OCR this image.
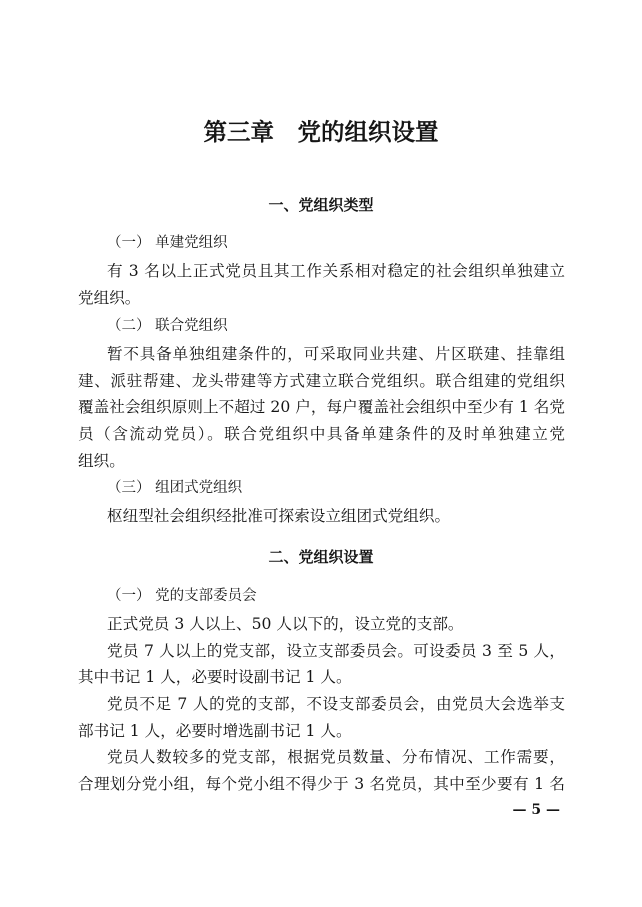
第三章　党的组织设置
一、党组织类型
（一） 单建党组织
有 3 名以上正式党员且其工作关系相对稳定的社会组织单独建立
党组织。
（二） 联合党组织
暂不具备单独组建条件的，可采取同业共建、片区联建、挂靠组
建、派驻帮建、龙头带建等方式建立联合党组织。联合组建的党组织
覆盖社会组织原则上不超过 20 户，每户覆盖社会组织中至少有 1 名党
员（含流动党员）。联合党组织中具备单建条件的及时单独建立党
组织。
（三） 组团式党组织
枢纽型社会组织经批准可探索设立组团式党组织。
二、党组织设置
（一） 党的支部委员会
正式党员 3 人以上、50 人以下的，设立党的支部。
党员 7 人以上的党支部，设立支部委员会。可设委员 3 至 5 人，
其中书记 1 人，必要时设副书记 1 人。
党员不足 7 人的党的支部，不设支部委员会，由党员大会选举支
部书记 1 人，必要时增选副书记 1 人。
党员人数较多的党支部，根据党员数量、分布情况、工作需要，
合理划分党小组，每个党小组不得少于 3 名党员，其中至少要有 1 名
— 5 —
